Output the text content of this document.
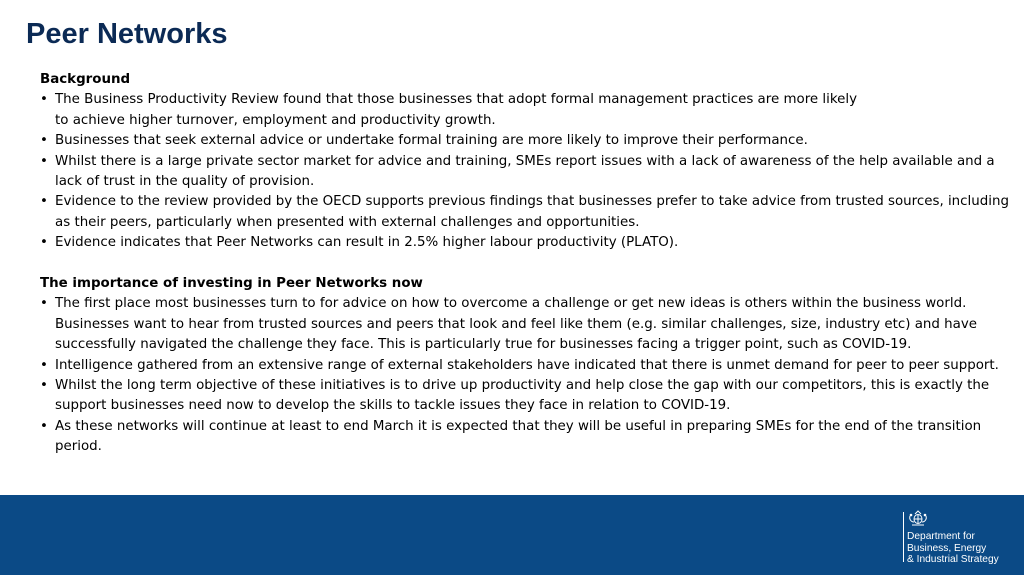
Peer Networks
Background
• The Business Productivity Review found that those businesses that adopt formal management practices are more likely
to achieve higher turnover, employment and productivity growth.
• Businesses that seek external advice or undertake formal training are more likely to improve their performance.
• Whilst there is a large private sector market for advice and training, SMEs report issues with a lack of awareness of the help available and a lack of trust in the quality of provision.
• Evidence to the review provided by the OECD supports previous findings that businesses prefer to take advice from trusted sources, including as their peers, particularly when presented with external challenges and opportunities.
• Evidence indicates that Peer Networks can result in 2.5% higher labour productivity (PLATO).
The importance of investing in Peer Networks now
• The first place most businesses turn to for advice on how to overcome a challenge or get new ideas is others within the business world. Businesses want to hear from trusted sources and peers that look and feel like them (e.g. similar challenges, size, industry etc) and have successfully navigated the challenge they face. This is particularly true for businesses facing a trigger point, such as COVID-19.
• Intelligence gathered from an extensive range of external stakeholders have indicated that there is unmet demand for peer to peer support.
• Whilst the long term objective of these initiatives is to drive up productivity and help close the gap with our competitors, this is exactly the support businesses need now to develop the skills to tackle issues they face in relation to COVID-19.
• As these networks will continue at least to end March it is expected that they will be useful in preparing SMEs for the end of the transition period.
Department for
Business, Energy
& Industrial Strategy
